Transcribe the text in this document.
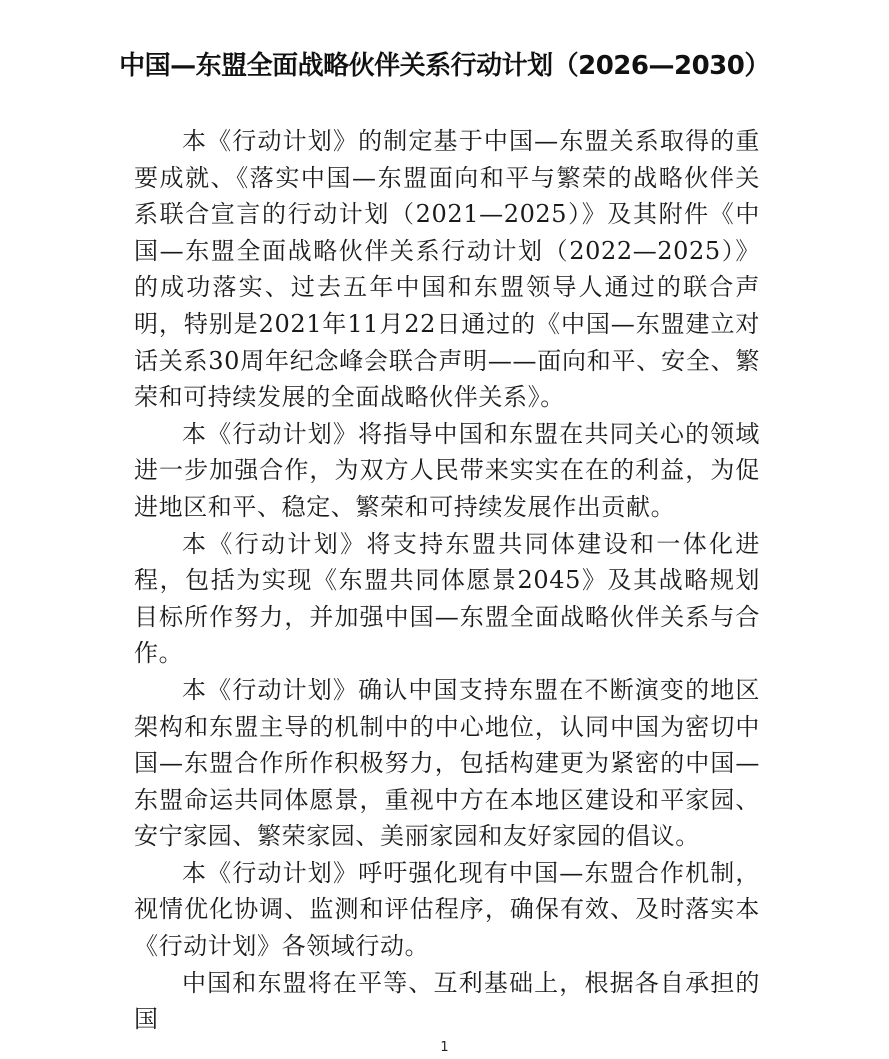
中国—东盟全面战略伙伴关系行动计划（2026—2030）

本《行动计划》的制定基于中国—东盟关系取得的重要成就、《落实中国—东盟面向和平与繁荣的战略伙伴关系联合宣言的行动计划（2021—2025）》及其附件《中国—东盟全面战略伙伴关系行动计划（2022—2025）》的成功落实、过去五年中国和东盟领导人通过的联合声明，特别是2021年11月22日通过的《中国—东盟建立对话关系30周年纪念峰会联合声明——面向和平、安全、繁荣和可持续发展的全面战略伙伴关系》。

本《行动计划》将指导中国和东盟在共同关心的领域进一步加强合作，为双方人民带来实实在在的利益，为促进地区和平、稳定、繁荣和可持续发展作出贡献。

本《行动计划》将支持东盟共同体建设和一体化进程，包括为实现《东盟共同体愿景2045》及其战略规划目标所作努力，并加强中国—东盟全面战略伙伴关系与合作。

本《行动计划》确认中国支持东盟在不断演变的地区架构和东盟主导的机制中的中心地位，认同中国为密切中国—东盟合作所作积极努力，包括构建更为紧密的中国—东盟命运共同体愿景，重视中方在本地区建设和平家园、安宁家园、繁荣家园、美丽家园和友好家园的倡议。

本《行动计划》呼吁强化现有中国—东盟合作机制，视情优化协调、监测和评估程序，确保有效、及时落实本《行动计划》各领域行动。

中国和东盟将在平等、互利基础上，根据各自承担的国

1
